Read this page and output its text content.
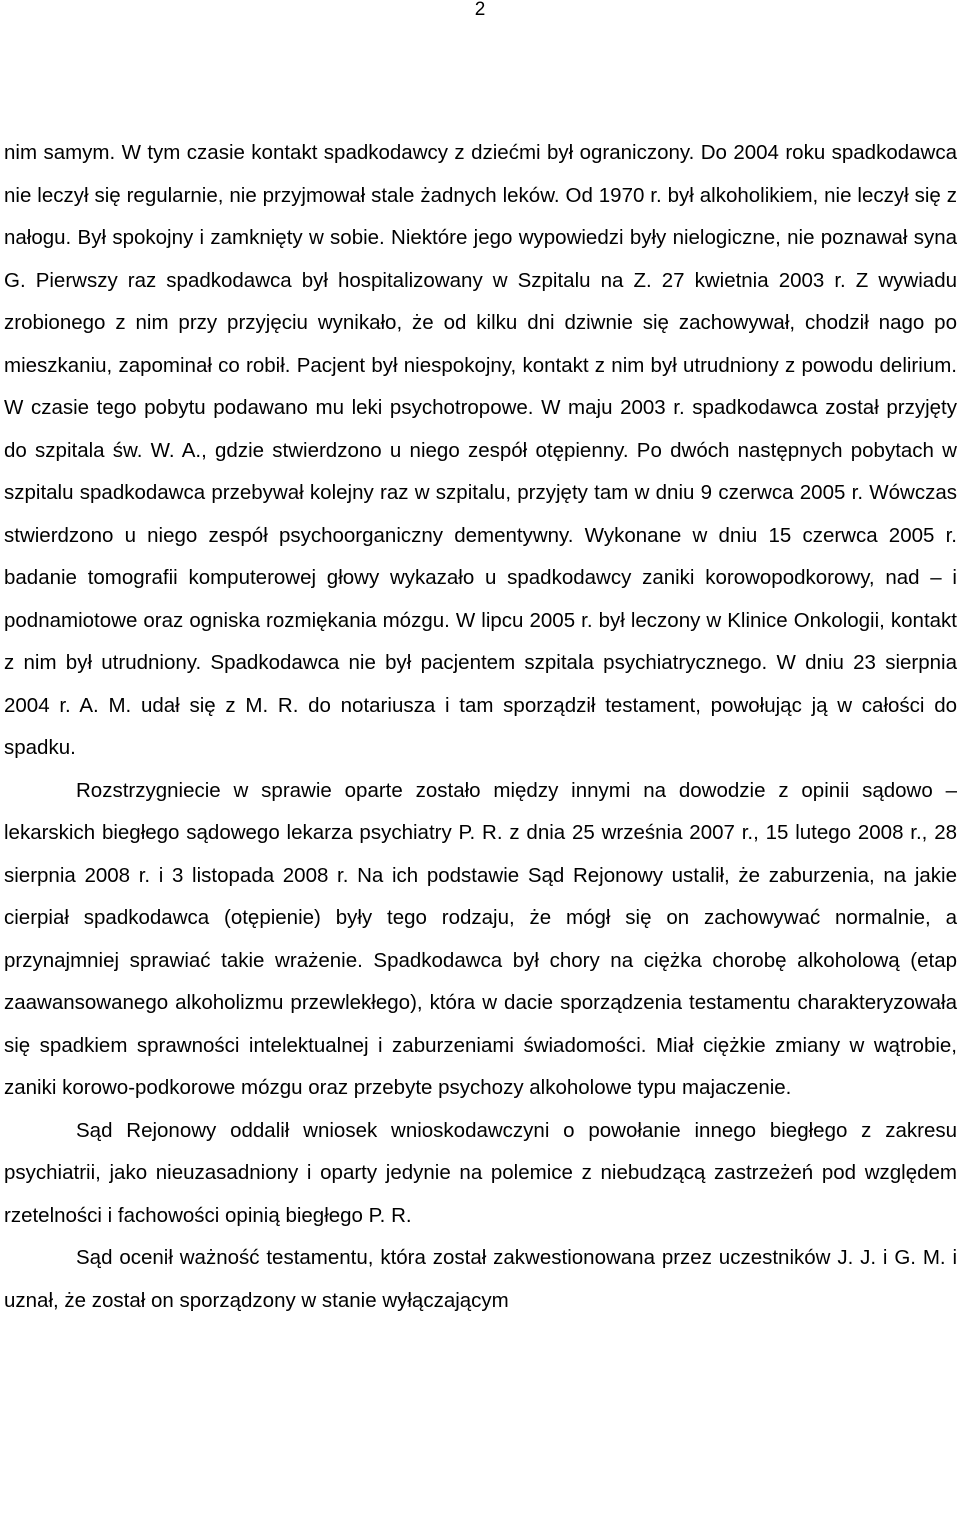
2

nim samym. W tym czasie kontakt spadkodawcy z dziećmi był ograniczony. Do 2004 roku spadkodawca nie leczył się regularnie, nie przyjmował stale żadnych leków. Od 1970 r. był alkoholikiem, nie leczył się z nałogu. Był spokojny i zamknięty w sobie. Niektóre jego wypowiedzi były nielogiczne, nie poznawał syna G. Pierwszy raz spadkodawca był hospitalizowany w Szpitalu na Z. 27 kwietnia 2003 r. Z wywiadu zrobionego z nim przy przyjęciu wynikało, że od kilku dni dziwnie się zachowywał, chodził nago po mieszkaniu, zapominał co robił. Pacjent był niespokojny, kontakt z nim był utrudniony z powodu delirium. W czasie tego pobytu podawano mu leki psychotropowe. W maju 2003 r. spadkodawca został przyjęty do szpitala św. W. A., gdzie stwierdzono u niego zespół otępienny. Po dwóch następnych pobytach w szpitalu spadkodawca przebywał kolejny raz w szpitalu, przyjęty tam w dniu 9 czerwca 2005 r. Wówczas stwierdzono u niego zespół psychoorganiczny dementywny. Wykonane w dniu 15 czerwca 2005 r. badanie tomografii komputerowej głowy wykazało u spadkodawcy zaniki korowopodkorowy, nad – i podnamiotowe oraz ogniska rozmiękania mózgu. W lipcu 2005 r. był leczony w Klinice Onkologii, kontakt z nim był utrudniony. Spadkodawca nie był pacjentem szpitala psychiatrycznego. W dniu 23 sierpnia 2004 r. A. M. udał się z M. R. do notariusza i tam sporządził testament, powołując ją w całości do spadku.

Rozstrzygniecie w sprawie oparte zostało między innymi na dowodzie z opinii sądowo – lekarskich biegłego sądowego lekarza psychiatry P. R. z dnia 25 września 2007 r., 15 lutego 2008 r., 28 sierpnia 2008 r. i 3 listopada 2008 r. Na ich podstawie Sąd Rejonowy ustalił, że zaburzenia, na jakie cierpiał spadkodawca (otępienie) były tego rodzaju, że mógł się on zachowywać normalnie, a przynajmniej sprawiać takie wrażenie. Spadkodawca był chory na ciężka chorobę alkoholową (etap zaawansowanego alkoholizmu przewlekłego), która w dacie sporządzenia testamentu charakteryzowała się spadkiem sprawności intelektualnej i zaburzeniami świadomości. Miał ciężkie zmiany w wątrobie, zaniki korowo-podkorowe mózgu oraz przebyte psychozy alkoholowe typu majaczenie.

Sąd Rejonowy oddalił wniosek wnioskodawczyni o powołanie innego biegłego z zakresu psychiatrii, jako nieuzasadniony i oparty jedynie na polemice z niebudzącą zastrzeżeń pod względem rzetelności i fachowości opinią biegłego P. R.

Sąd ocenił ważność testamentu, która został zakwestionowana przez uczestników J. J. i G. M. i uznał, że został on sporządzony w stanie wyłączającym
